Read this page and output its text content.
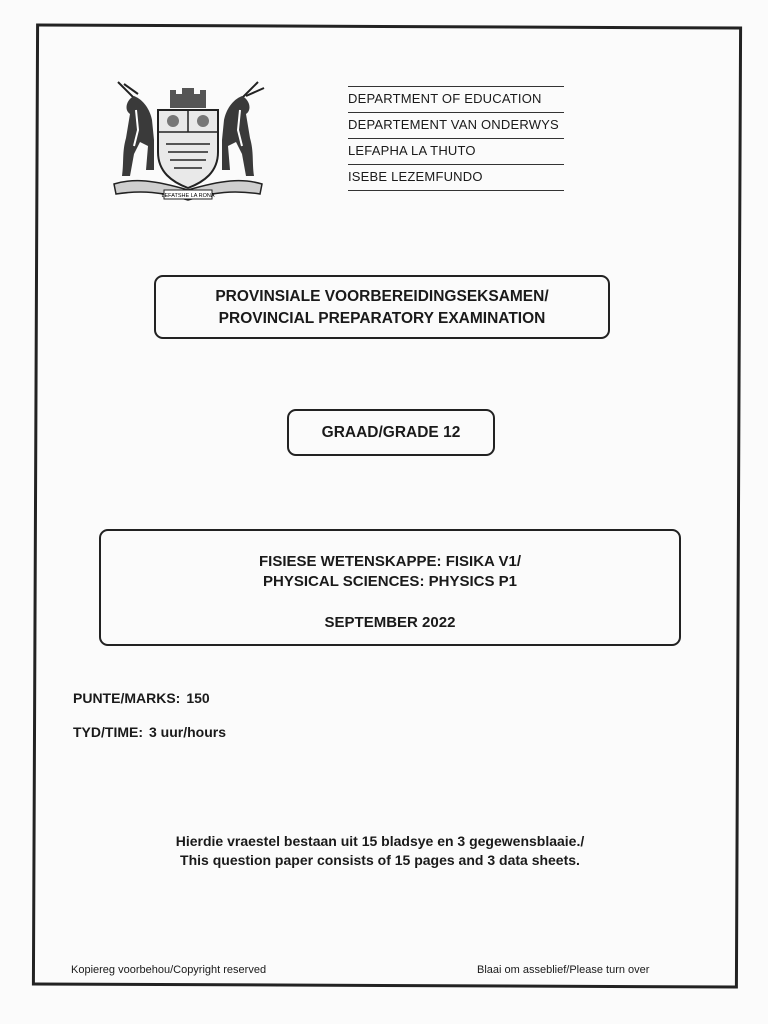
LEFATSHE LA RONA
DEPARTMENT OF EDUCATION
DEPARTEMENT VAN ONDERWYS
LEFAPHA LA THUTO
ISEBE LEZEMFUNDO
PROVINSIALE VOORBEREIDINGSEKSAMEN/
PROVINCIAL PREPARATORY EXAMINATION
GRAAD/GRADE 12
FISIESE WETENSKAPPE: FISIKA V1/
PHYSICAL SCIENCES: PHYSICS P1
SEPTEMBER 2022
PUNTE/MARKS: 150
TYD/TIME: 3 uur/hours
Hierdie vraestel bestaan uit 15 bladsye en 3 gegewensblaaie./
This question paper consists of 15 pages and 3 data sheets.
Kopiereg voorbehou/Copyright reserved	Blaai om asseblief/Please turn over
